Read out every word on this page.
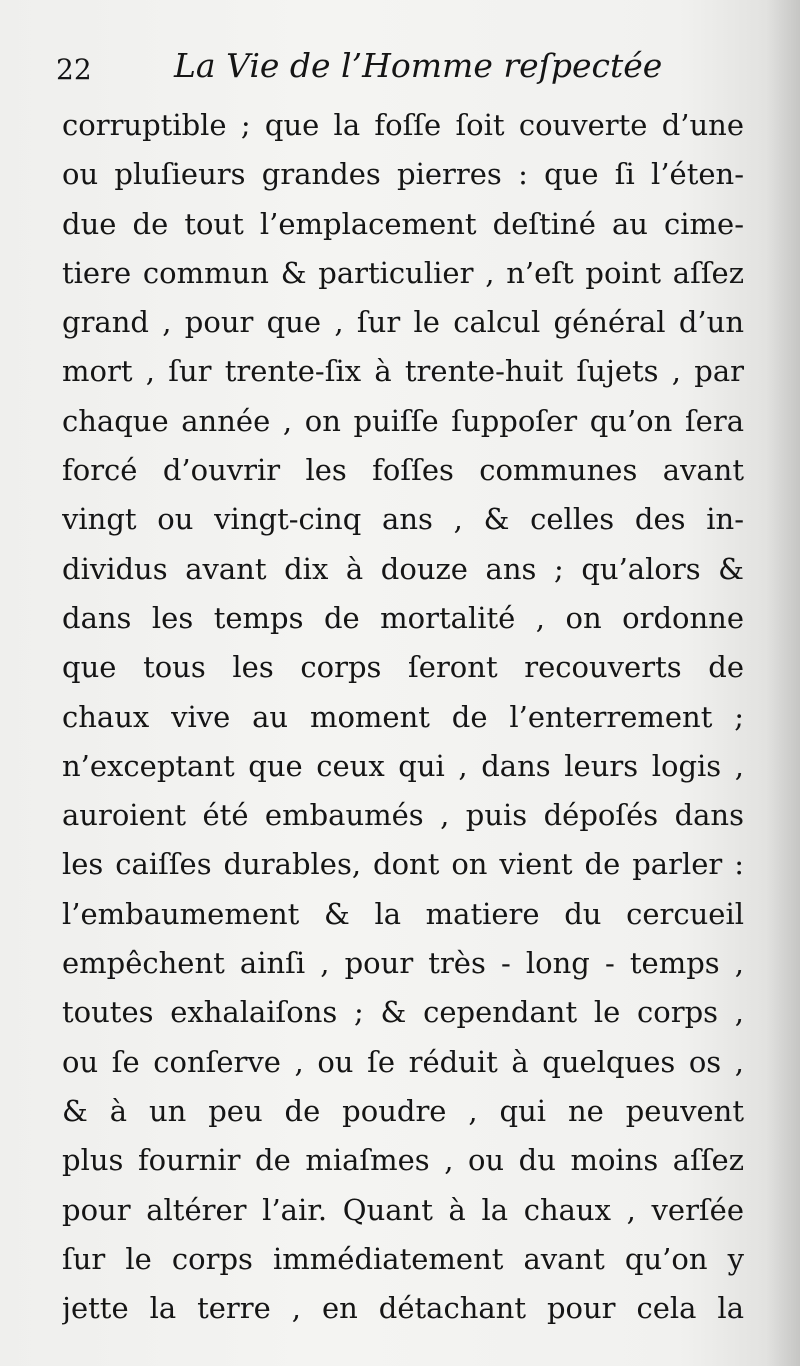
22 La Vie de l’Homme reſpectée
corruptible ; que la foſſe ſoit couverte d’une
ou pluſieurs grandes pierres : que ſi l’éten-
due de tout l’emplacement deſtiné au cime-
tiere commun & particulier , n’eſt point aſſez
grand , pour que , ſur le calcul général d’un
mort , ſur trente-ſix à trente-huit ſujets , par
chaque année , on puiſſe ſuppoſer qu’on ſera
forcé d’ouvrir les foſſes communes avant
vingt ou vingt-cinq ans , & celles des in-
dividus avant dix à douze ans ; qu’alors &
dans les temps de mortalité , on ordonne
que tous les corps ſeront recouverts de
chaux vive au moment de l’enterrement ;
n’exceptant que ceux qui , dans leurs logis ,
auroient été embaumés , puis dépoſés dans
les caiſſes durables, dont on vient de parler :
l’embaumement & la matiere du cercueil
empêchent ainſi , pour très - long - temps ,
toutes exhalaiſons ; & cependant le corps ,
ou ſe conſerve , ou ſe réduit à quelques os ,
& à un peu de poudre , qui ne peuvent
plus fournir de miaſmes , ou du moins aſſez
pour altérer l’air. Quant à la chaux , verſée
ſur le corps immédiatement avant qu’on y
jette la terre , en détachant pour cela la
